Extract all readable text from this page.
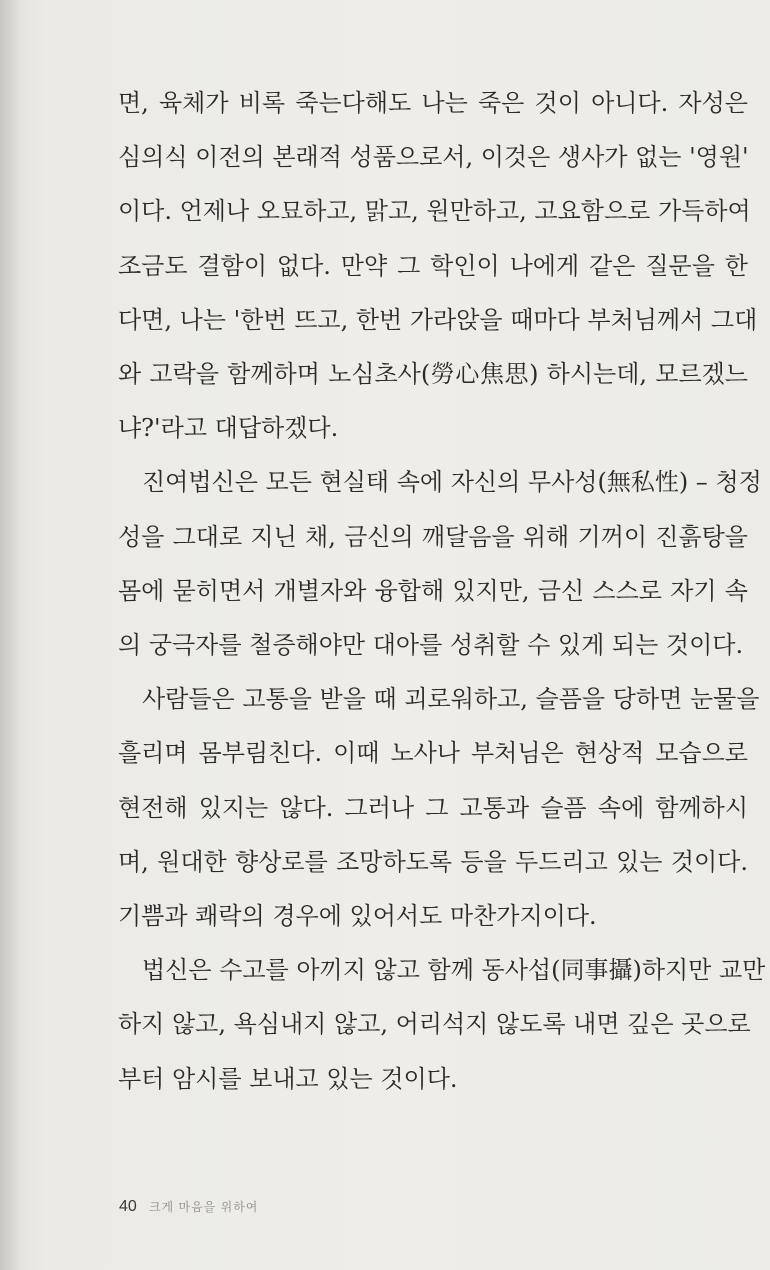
면, 육체가 비록 죽는다해도 나는 죽은 것이 아니다. 자성은
심의식 이전의 본래적 성품으로서, 이것은 생사가 없는 '영원'
이다. 언제나 오묘하고, 맑고, 원만하고, 고요함으로 가득하여
조금도 결함이 없다. 만약 그 학인이 나에게 같은 질문을 한
다면, 나는 '한번 뜨고, 한번 가라앉을 때마다 부처님께서 그대
와 고락을 함께하며 노심초사(勞心焦思) 하시는데, 모르겠느
냐?'라고 대답하겠다.

진여법신은 모든 현실태 속에 자신의 무사성(無私性) – 청정
성을 그대로 지닌 채, 금신의 깨달음을 위해 기꺼이 진흙탕을
몸에 묻히면서 개별자와 융합해 있지만, 금신 스스로 자기 속
의 궁극자를 철증해야만 대아를 성취할 수 있게 되는 것이다.

사람들은 고통을 받을 때 괴로워하고, 슬픔을 당하면 눈물을
흘리며 몸부림친다. 이때 노사나 부처님은 현상적 모습으로
현전해 있지는 않다. 그러나 그 고통과 슬픔 속에 함께하시
며, 원대한 향상로를 조망하도록 등을 두드리고 있는 것이다.
기쁨과 쾌락의 경우에 있어서도 마찬가지이다.

법신은 수고를 아끼지 않고 함께 동사섭(同事攝)하지만 교만
하지 않고, 욕심내지 않고, 어리석지 않도록 내면 깊은 곳으로
부터 암시를 보내고 있는 것이다.

40 크게 마음을 위하여
